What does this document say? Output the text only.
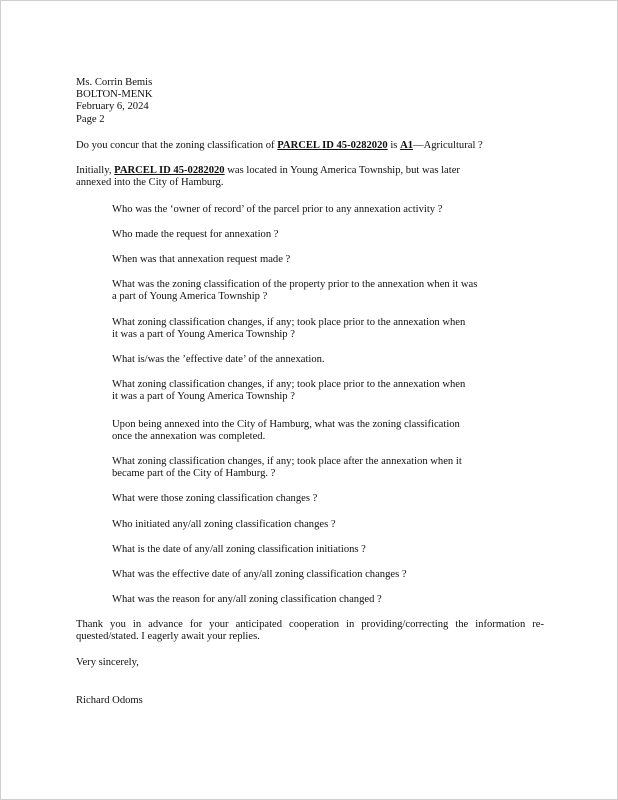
Ms. Corrin Bemis
BOLTON-MENK
February 6, 2024
Page 2
Do you concur that the zoning classification of PARCEL ID 45-0282020 is A1—Agricultural ?
Initially, PARCEL ID 45-0282020 was located in Young America Township, but was later
annexed into the City of Hamburg.
Who was the ‘owner of record’ of the parcel prior to any annexation activity ?
Who made the request for annexation ?
When was that annexation request made ?
What was the zoning classification of the property prior to the annexation when it was
a part of Young America Township ?
What zoning classification changes, if any; took place prior to the annexation when
it was a part of Young America Township ?
What is/was the ’effective date’ of the annexation.
What zoning classification changes, if any; took place prior to the annexation when
it was a part of Young America Township ?
Upon being annexed into the City of Hamburg, what was the zoning classification
once the annexation was completed.
What zoning classification changes, if any; took place after the annexation when it
became part of the City of Hamburg. ?
What were those zoning classification changes ?
Who initiated any/all zoning classification changes ?
What is the date of any/all zoning classification initiations ?
What was the effective date of any/all zoning classification changes ?
What was the reason for any/all zoning classification changed ?
Thank you in advance for your anticipated cooperation in providing/correcting the information re-quested/stated. I eagerly await your replies.
Very sincerely,
Richard Odoms
